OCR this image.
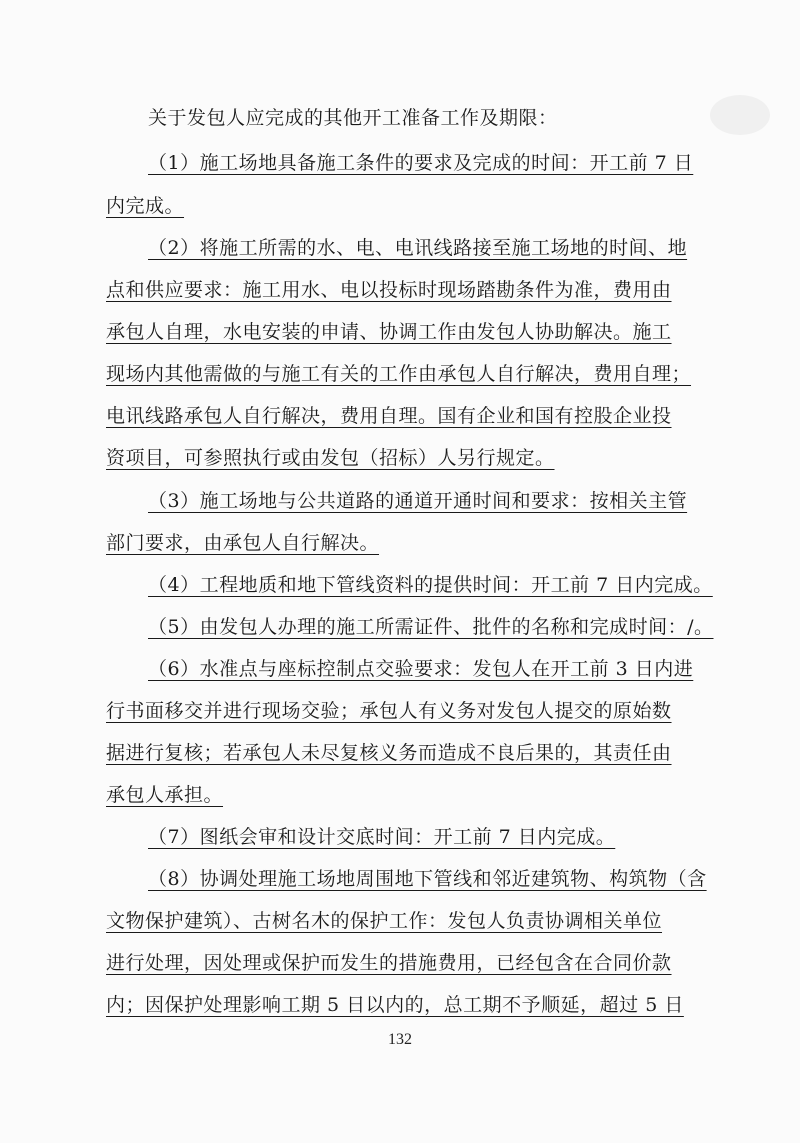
关于发包人应完成的其他开工准备工作及期限：
（1）施工场地具备施工条件的要求及完成的时间：开工前 7 日
内完成。
（2）将施工所需的水、电、电讯线路接至施工场地的时间、地
点和供应要求：施工用水、电以投标时现场踏勘条件为准，费用由
承包人自理，水电安装的申请、协调工作由发包人协助解决。施工
现场内其他需做的与施工有关的工作由承包人自行解决，费用自理；
电讯线路承包人自行解决，费用自理。国有企业和国有控股企业投
资项目，可参照执行或由发包（招标）人另行规定。
（3）施工场地与公共道路的通道开通时间和要求：按相关主管
部门要求，由承包人自行解决。
（4）工程地质和地下管线资料的提供时间：开工前 7 日内完成。
（5）由发包人办理的施工所需证件、批件的名称和完成时间：/。
（6）水准点与座标控制点交验要求：发包人在开工前 3 日内进
行书面移交并进行现场交验；承包人有义务对发包人提交的原始数
据进行复核；若承包人未尽复核义务而造成不良后果的，其责任由
承包人承担。
（7）图纸会审和设计交底时间：开工前 7 日内完成。
（8）协调处理施工场地周围地下管线和邻近建筑物、构筑物（含
文物保护建筑）、古树名木的保护工作：发包人负责协调相关单位
进行处理，因处理或保护而发生的措施费用，已经包含在合同价款
内；因保护处理影响工期 5 日以内的，总工期不予顺延，超过 5 日
132
